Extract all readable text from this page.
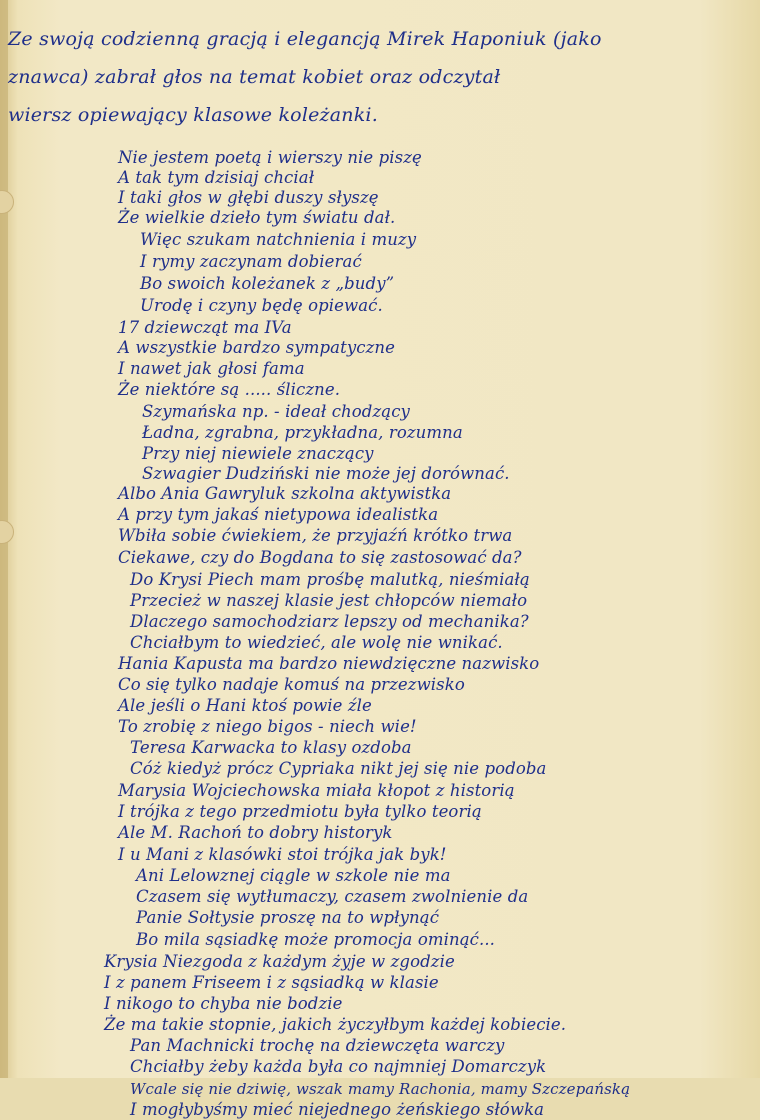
Ze swoją codzienną gracją i elegancją Mirek Haponiuk (jako
znawca) zabrał głos na temat kobiet oraz odczytał
wiersz opiewający klasowe koleżanki.
Nie jestem poetą i wierszy nie piszę
A tak tym dzisiaj chciał
I taki głos w głębi duszy słyszę
Że wielkie dzieło tym światu dał.
Więc szukam natchnienia i muzy
I rymy zaczynam dobierać
Bo swoich koleżanek z „budy”
Urodę i czyny będę opiewać.
17 dziewcząt ma IVa
A wszystkie bardzo sympatyczne
I nawet jak głosi fama
Że niektóre są ..... śliczne.
Szymańska np. - ideał chodzący
Ładna, zgrabna, przykładna, rozumna
Przy niej niewiele znaczący
Szwagier Dudziński nie może jej dorównać.
Albo Ania Gawryluk szkolna aktywistka
A przy tym jakaś nietypowa idealistka
Wbiła sobie ćwiekiem, że przyjaźń krótko trwa
Ciekawe, czy do Bogdana to się zastosować da?
Do Krysi Piech mam prośbę malutką, nieśmiałą
Przecież w naszej klasie jest chłopców niemało
Dlaczego samochodziarz lepszy od mechanika?
Chciałbym to wiedzieć, ale wolę nie wnikać.
Hania Kapusta ma bardzo niewdzięczne nazwisko
Co się tylko nadaje komuś na przezwisko
Ale jeśli o Hani ktoś powie źle
To zrobię z niego bigos - niech wie!
Teresa Karwacka to klasy ozdoba
Cóż kiedyż prócz Cypriaka nikt jej się nie podoba
Marysia Wojciechowska miała kłopot z historią
I trójka z tego przedmiotu była tylko teorią
Ale M. Rachoń to dobry historyk
I u Mani z klasówki stoi trójka jak byk!
Ani Lelowznej ciągle w szkole nie ma
Czasem się wytłumaczy, czasem zwolnienie da
Panie Sołtysie proszę na to wpłynąć
Bo mila sąsiadkę może promocja ominąć...
Krysia Niezgoda z każdym żyje w zgodzie
I z panem Friseem i z sąsiadką w klasie
I nikogo to chyba nie bodzie
Że ma takie stopnie, jakich życzyłbym każdej kobiecie.
Pan Machnicki trochę na dziewczęta warczy
Chciałby żeby każda była co najmniej Domarczyk
Wcale się nie dziwię, wszak mamy Rachonia, mamy Szczepańską
I mogłybyśmy mieć niejednego żeńskiego słówka
